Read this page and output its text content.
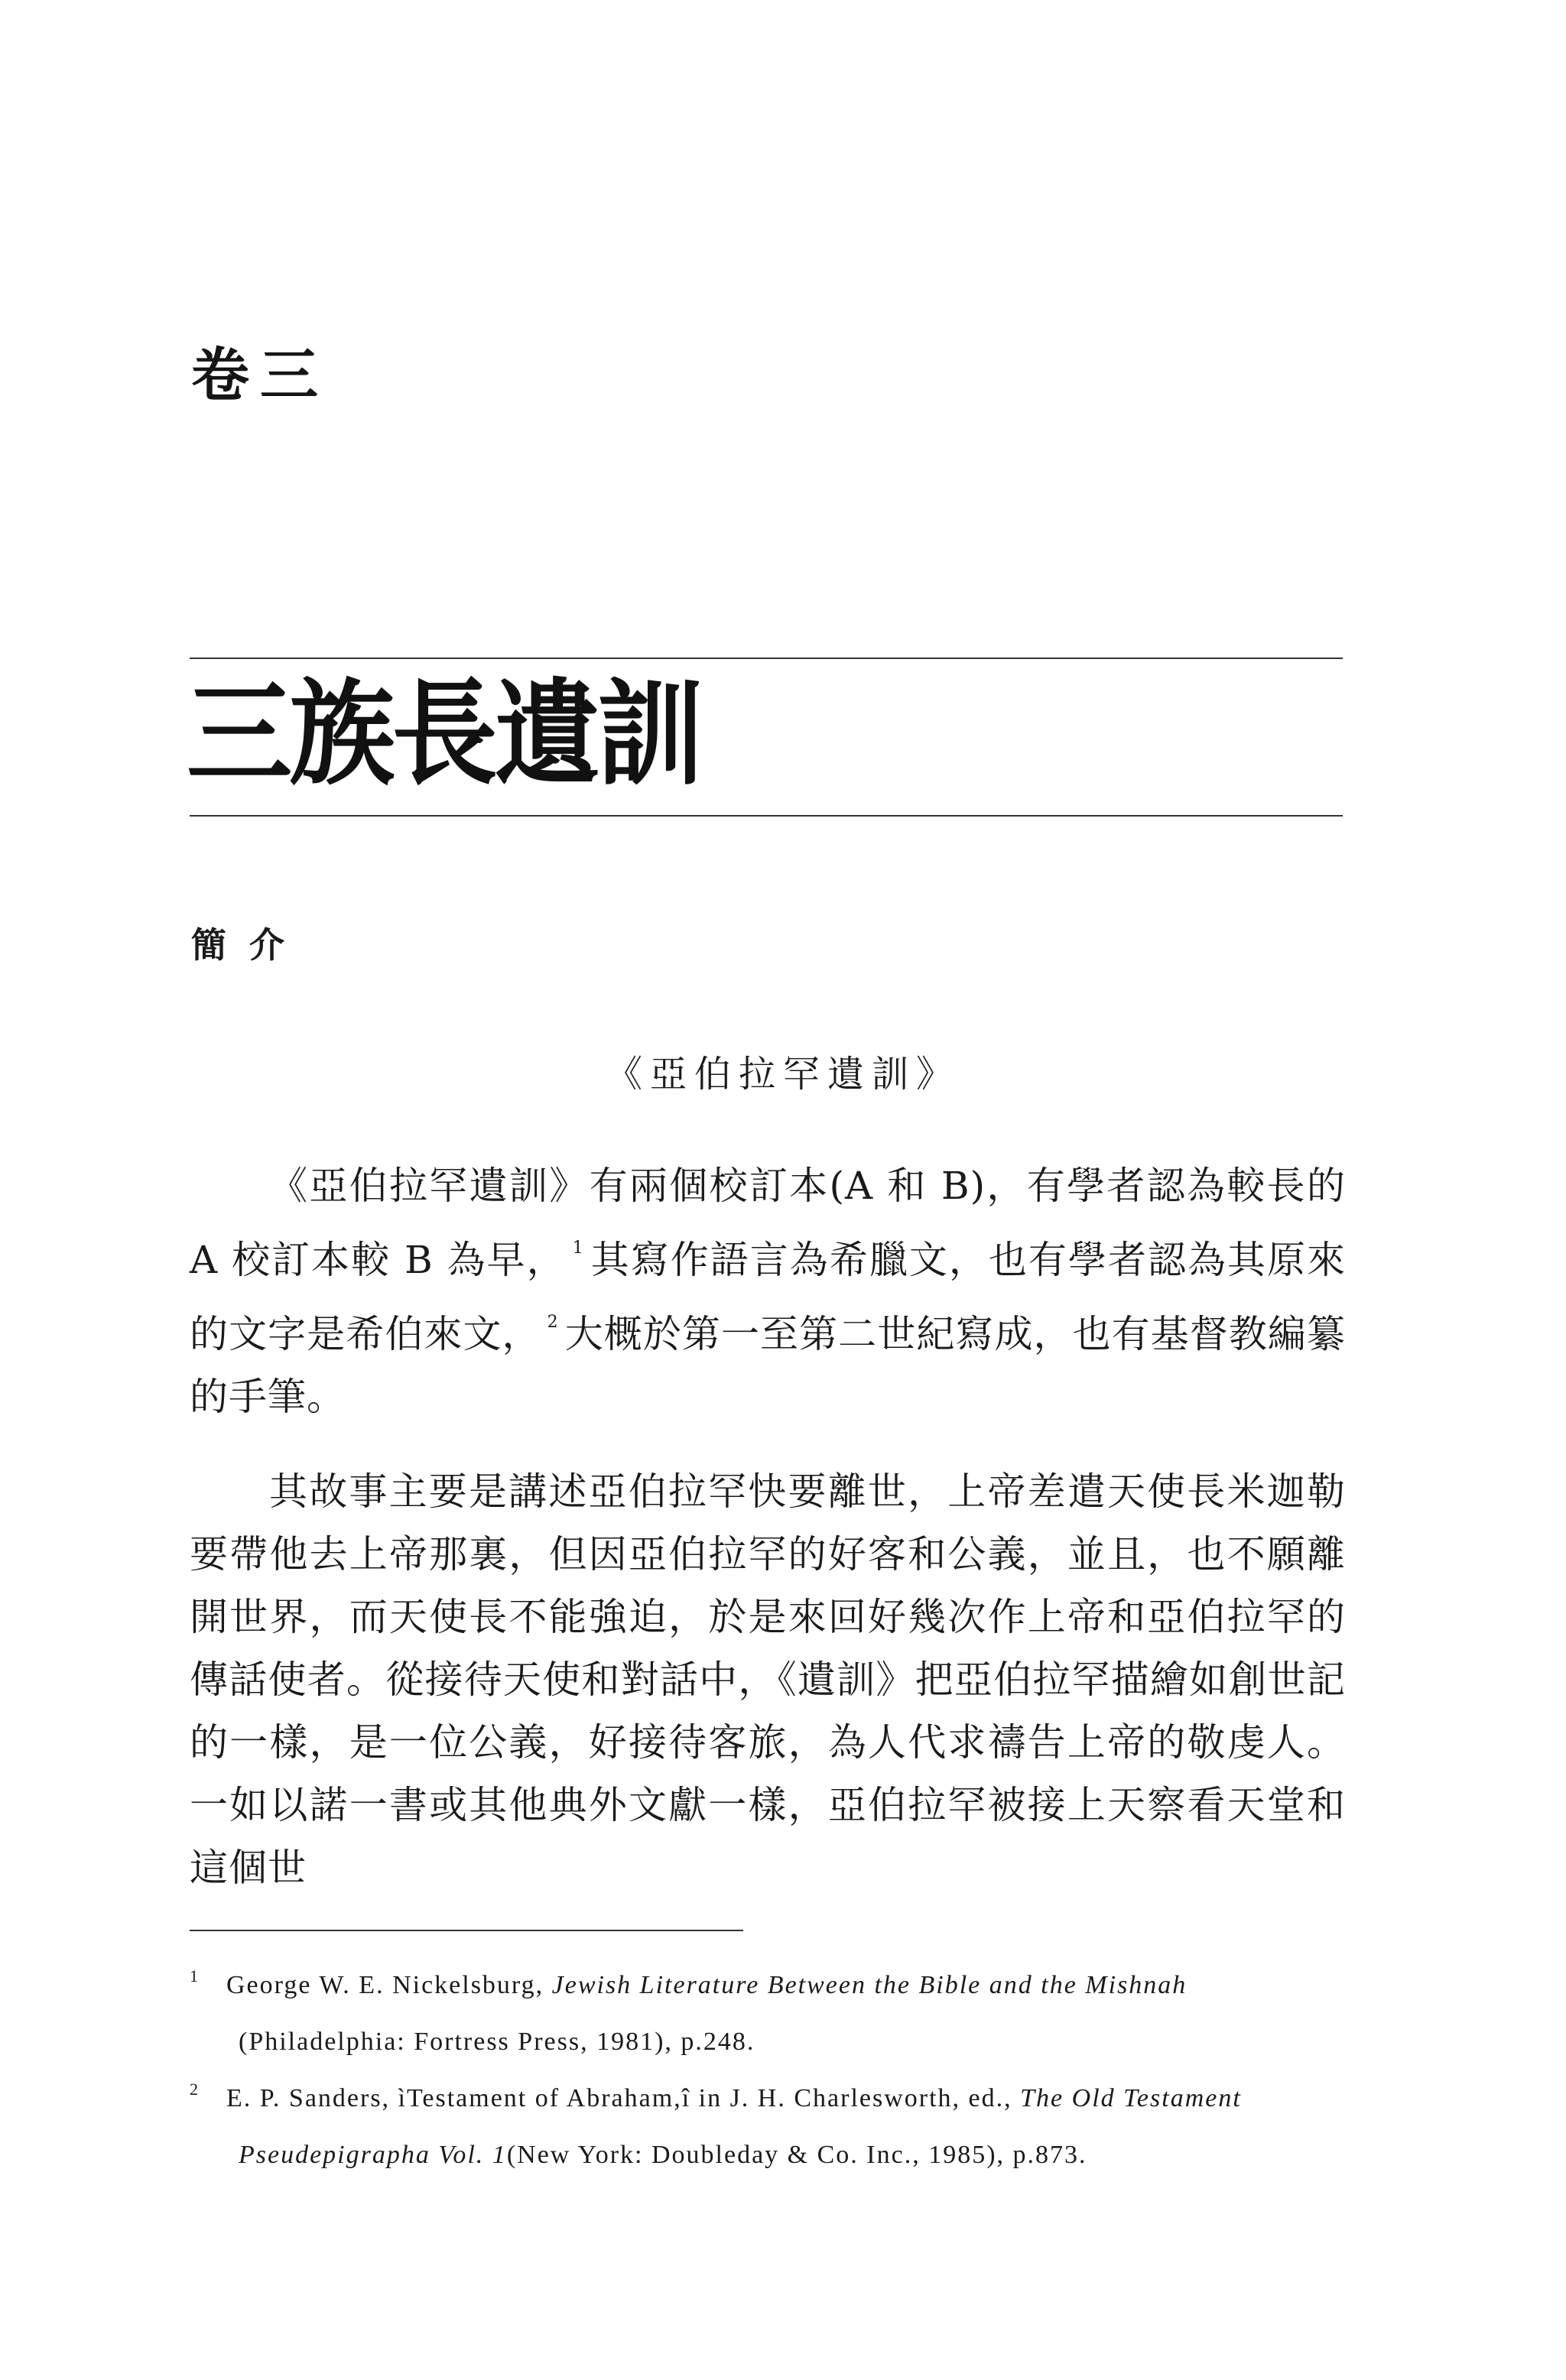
卷三
三族長遺訓
簡介
《亞伯拉罕遺訓》

《亞伯拉罕遺訓》有兩個校訂本(A 和 B)，有學者認為較長的 A 校訂本較 B 為早， $^1$ 其寫作語言為希臘文，也有學者認為其原來的文字是希伯來文， $^2$ 大概於第一至第二世紀寫成，也有基督教編纂的手筆。

其故事主要是講述亞伯拉罕快要離世，上帝差遣天使長米迦勒要帶他去上帝那裏，但因亞伯拉罕的好客和公義，並且，也不願離開世界，而天使長不能強迫，於是來回好幾次作上帝和亞伯拉罕的傳話使者。從接待天使和對話中，《遺訓》把亞伯拉罕描繪如創世記的一樣，是一位公義，好接待客旅，為人代求禱告上帝的敬虔人。一如以諾一書或其他典外文獻一樣，亞伯拉罕被接上天察看天堂和這個世

1 George W. E. Nickelsburg, Jewish Literature Between the Bible and the Mishnah
(Philadelphia: Fortress Press, 1981), p.248.
2 E. P. Sanders, ìTestament of Abraham,î in J. H. Charlesworth, ed., The Old Testament
Pseudepigrapha Vol. 1(New York: Doubleday & Co. Inc., 1985), p.873.
